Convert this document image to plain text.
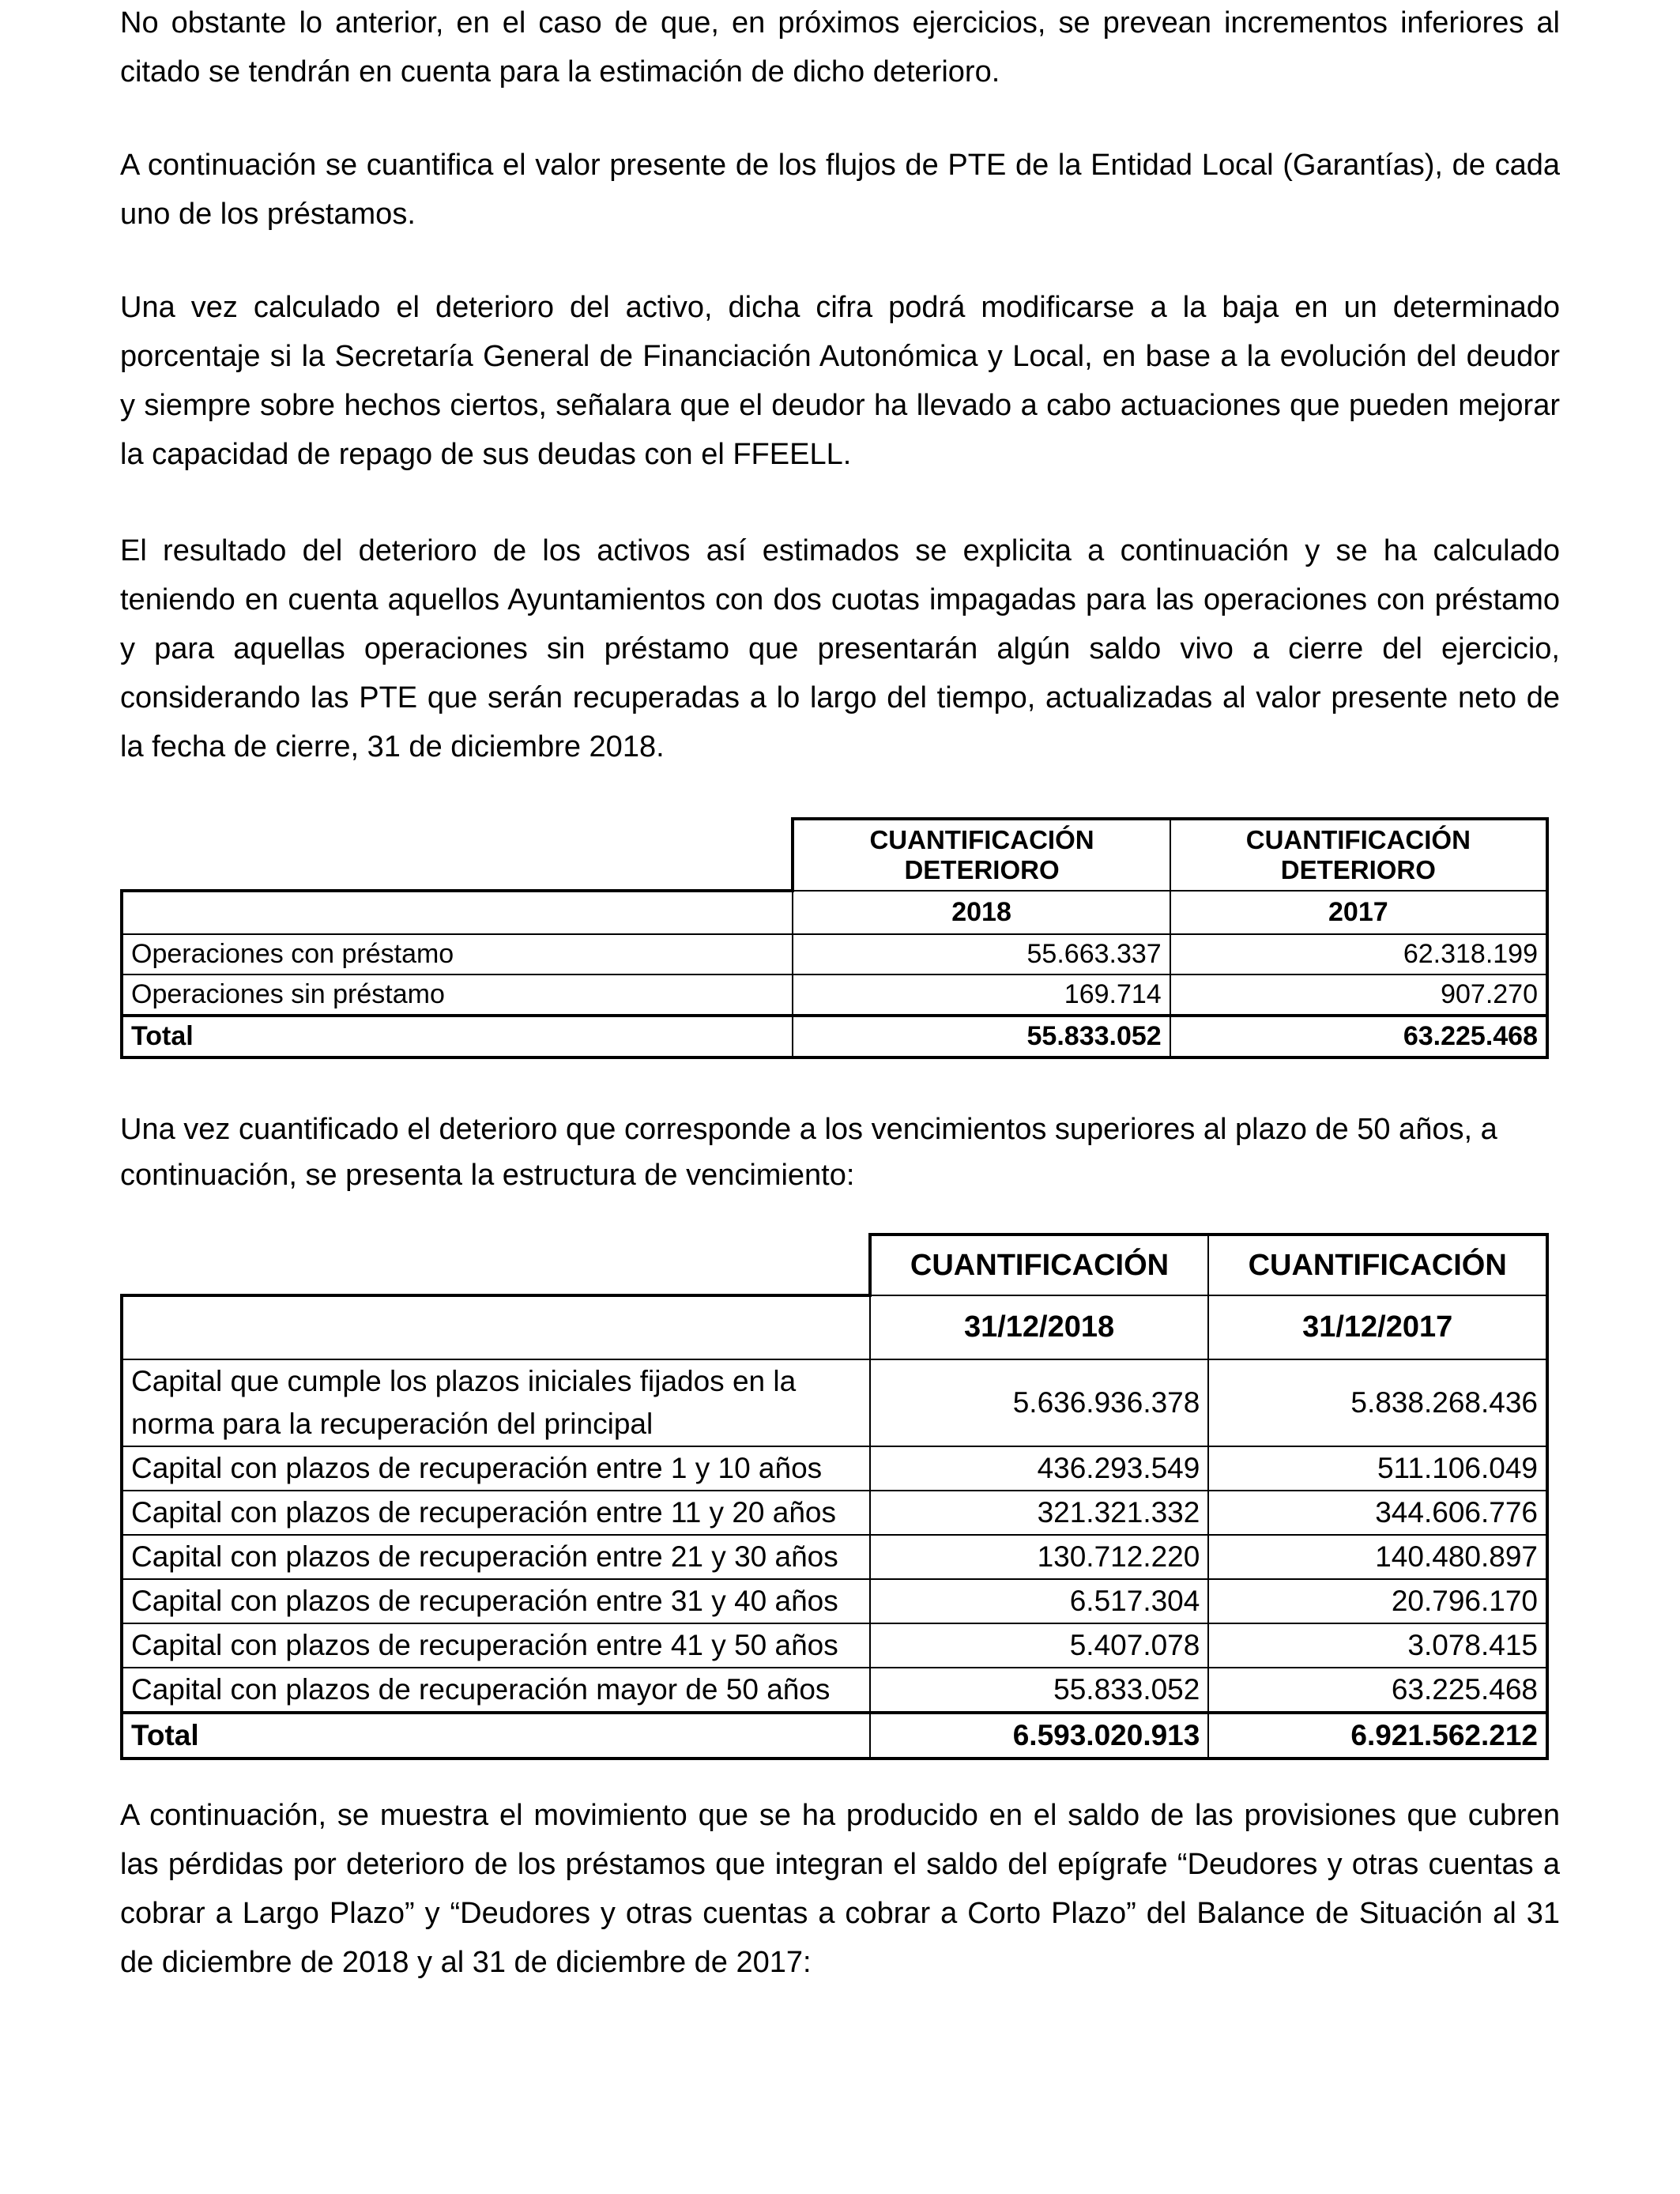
No obstante lo anterior, en el caso de que, en próximos ejercicios, se prevean incrementos inferiores al citado se tendrán en cuenta para la estimación de dicho deterioro.

A continuación se cuantifica el valor presente de los flujos de PTE de la Entidad Local (Garantías), de cada uno de los préstamos.

Una vez calculado el deterioro del activo, dicha cifra podrá modificarse a la baja en un determinado porcentaje si la Secretaría General de Financiación Autonómica y Local, en base a la evolución del deudor y siempre sobre hechos ciertos, señalara que el deudor ha llevado a cabo actuaciones que pueden mejorar la capacidad de repago de sus deudas con el FFEELL.

El resultado del deterioro de los activos así estimados se explicita a continuación y se ha calculado teniendo en cuenta aquellos Ayuntamientos con dos cuotas impagadas para las operaciones con préstamo y para aquellas operaciones sin préstamo que presentarán algún saldo vivo a cierre del ejercicio, considerando las PTE que serán recuperadas a lo largo del tiempo, actualizadas al valor presente neto de la fecha de cierre, 31 de diciembre 2018.

	CUANTIFICACIÓN DETERIORO	CUANTIFICACIÓN DETERIORO
	2018	2017
Operaciones con préstamo	55.663.337	62.318.199
Operaciones sin préstamo	169.714	907.270
Total	55.833.052	63.225.468

Una vez cuantificado el deterioro que corresponde a los vencimientos superiores al plazo de 50 años, a continuación, se presenta la estructura de vencimiento:

	CUANTIFICACIÓN	CUANTIFICACIÓN
	31/12/2018	31/12/2017
Capital que cumple los plazos iniciales fijados en la norma para la recuperación del principal	5.636.936.378	5.838.268.436
Capital con plazos de recuperación entre 1 y 10 años	436.293.549	511.106.049
Capital con plazos de recuperación entre 11 y 20 años	321.321.332	344.606.776
Capital con plazos de recuperación entre 21 y 30 años	130.712.220	140.480.897
Capital con plazos de recuperación entre 31 y 40 años	6.517.304	20.796.170
Capital con plazos de recuperación entre 41 y 50 años	5.407.078	3.078.415
Capital con plazos de recuperación mayor de 50 años	55.833.052	63.225.468
Total	6.593.020.913	6.921.562.212

A continuación, se muestra el movimiento que se ha producido en el saldo de las provisiones que cubren las pérdidas por deterioro de los préstamos que integran el saldo del epígrafe “Deudores y otras cuentas a cobrar a Largo Plazo” y “Deudores y otras cuentas a cobrar a Corto Plazo” del Balance de Situación al 31 de diciembre de 2018 y al 31 de diciembre de 2017:
